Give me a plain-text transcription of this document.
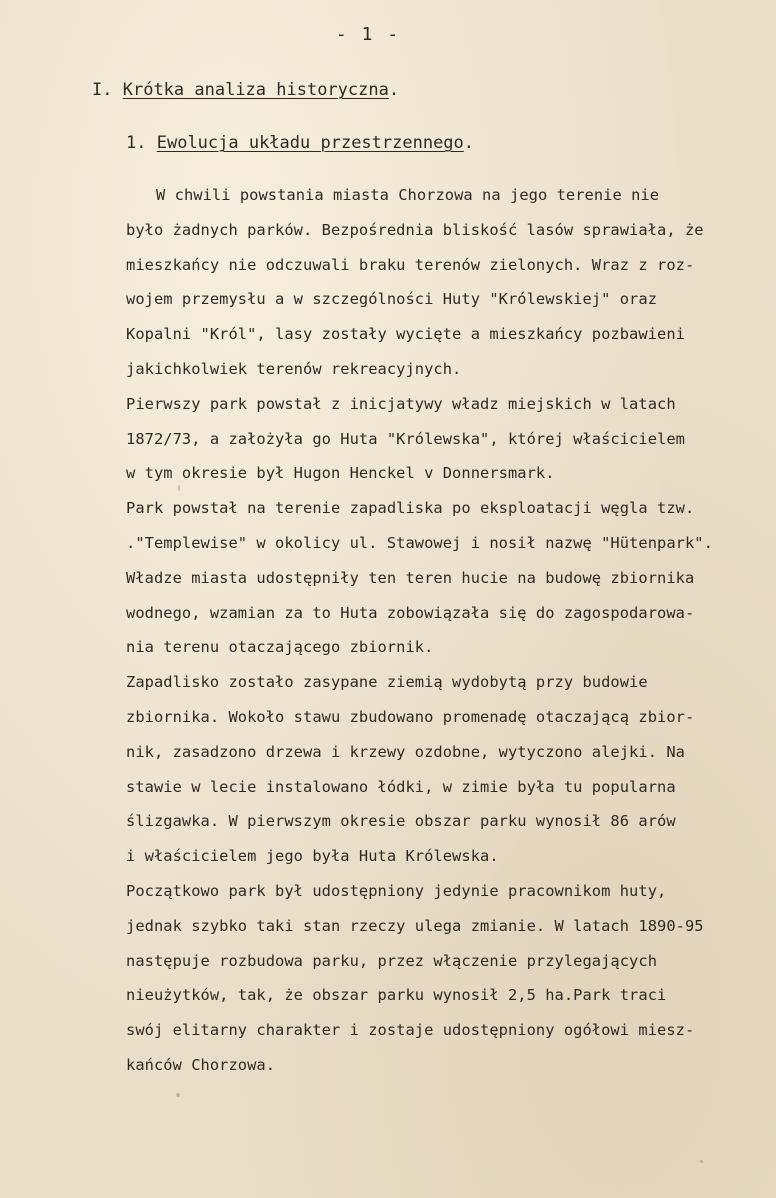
- 1 -
I. Krótka analiza historyczna.
1. Ewolucja układu przestrzennego.
W chwili powstania miasta Chorzowa na jego terenie nie
było żadnych parków. Bezpośrednia bliskość lasów sprawiała, że
mieszkańcy nie odczuwali braku terenów zielonych. Wraz z roz-
wojem przemysłu a w szczególności Huty "Królewskiej" oraz
Kopalni "Król", lasy zostały wycięte a mieszkańcy pozbawieni
jakichkolwiek terenów rekreacyjnych.
Pierwszy park powstał z inicjatywy władz miejskich w latach
1872/73, a założyła go Huta "Królewska", której właścicielem
w tym okresie był Hugon Henckel v Donnersmark.
Park powstał na terenie zapadliska po eksploatacji węgla tzw.
."Templewise" w okolicy ul. Stawowej i nosił nazwę "Hütenpark".
Władze miasta udostępniły ten teren hucie na budowę zbiornika
wodnego, wzamian za to Huta zobowiązała się do zagospodarowa-
nia terenu otaczającego zbiornik.
Zapadlisko zostało zasypane ziemią wydobytą przy budowie
zbiornika. Wokoło stawu zbudowano promenadę otaczającą zbior-
nik, zasadzono drzewa i krzewy ozdobne, wytyczono alejki. Na
stawie w lecie instalowano łódki, w zimie była tu popularna
ślizgawka. W pierwszym okresie obszar parku wynosił 86 arów
i właścicielem jego była Huta Królewska.
Początkowo park był udostępniony jedynie pracownikom huty,
jednak szybko taki stan rzeczy ulega zmianie. W latach 1890-95
następuje rozbudowa parku, przez włączenie przylegających
nieużytków, tak, że obszar parku wynosił 2,5 ha.Park traci
swój elitarny charakter i zostaje udostępniony ogółowi miesz-
kańców Chorzowa.
